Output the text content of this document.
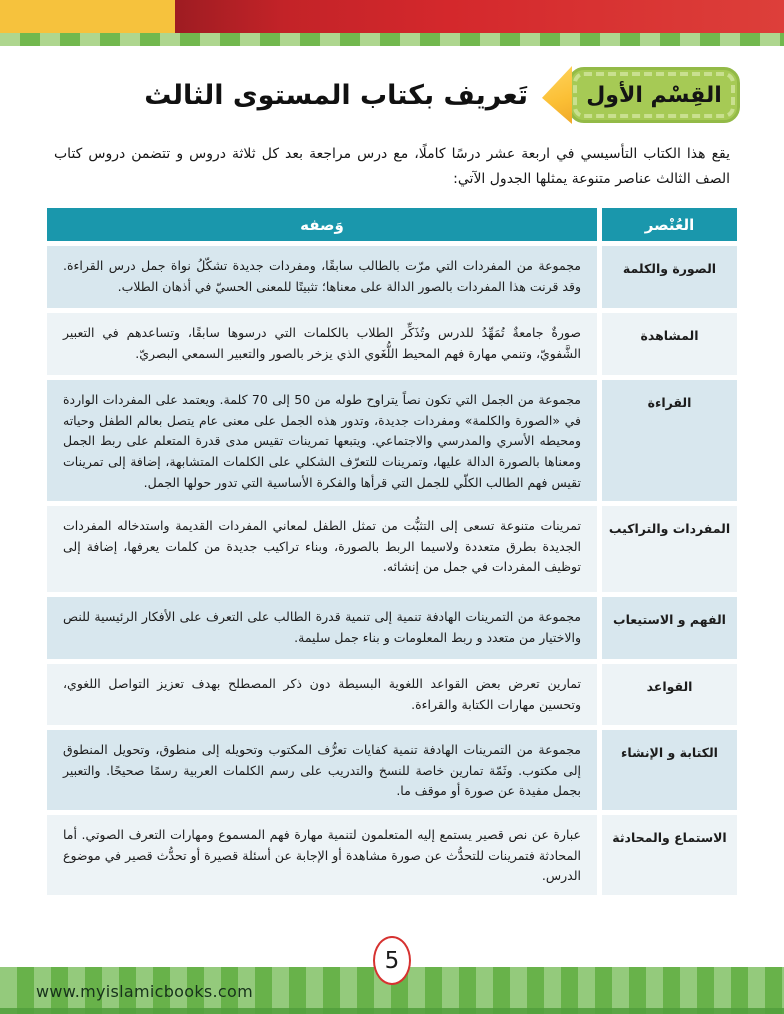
القِسْم الأول
تَعريف بكتاب المستوى الثالث

يقع هذا الكتاب التأسيسي في اربعة عشر درسًا كاملًا، مع درس مراجعة بعد كل ثلاثة دروس و تتضمن دروس كتاب الصف الثالث عناصر متنوعة يمثلها الجدول الآتي:

العُنْصر
وَصفه
الصورة والكلمة
مجموعة من المفردات التي مرّت بالطالب سابقًا، ومفردات جديدة تشكّلُ نواة جمل درس القراءة. وقد قرنت هذا المفردات بالصور الدالة على معناها؛ تثبيتًا للمعنى الحسيّ في أذهان الطلاب.
المشاهدة
صورةٌ جامعةٌ تُمَهِّدُ للدرس وتُذَكِّر الطلاب بالكلمات التي درسوها سابقًا، وتساعدهم في التعبير الشَّفويّ، وتنمي مهارة فهم المحيط اللُّغَوي الذي يزخر بالصور والتعبير السمعي البصريّ.
القراءة
مجموعة من الجمل التي تكون نصاً يتراوح طوله من 50 إلى 70 كلمة. ويعتمد على المفردات الواردة في «الصورة والكلمة» ومفردات جديدة، وتدور هذه الجمل على معنى عام يتصل بعالم الطفل وحياته ومحيطه الأسري والمدرسي والاجتماعي. ويتبعها تمرينات تقيس مدى قدرة المتعلم على ربط الجمل ومعناها بالصورة الدالة عليها، وتمرينات للتعرّف الشكلي على الكلمات المتشابهة، إضافة إلى تمرينات تقيس فهم الطالب الكلّي للجمل التي قرأها والفكرة الأساسية التي تدور حولها الجمل.
المفردات والتراكيب
تمرينات متنوعة تسعى إلى التثبُّت من تمثل الطفل لمعاني المفردات القديمة واستدخاله المفردات الجديدة بطرق متعددة ولاسيما الربط بالصورة، وبناء تراكيب جديدة من كلمات يعرفها، إضافة إلى توظيف المفردات في جمل من إنشائه.
الفهم و الاستيعاب
مجموعة من التمرينات الهادفة تنمية إلى تنمية قدرة الطالب على التعرف على الأفكار الرئيسية للنص والاختيار من متعدد و ربط المعلومات و بناء جمل سليمة.
القواعد
تمارين تعرض بعض القواعد اللغوية البسيطة دون ذكر المصطلح بهدف تعزيز التواصل اللغوي، وتحسين مهارات الكتابة والقراءة.
الكتابة و الإنشاء
مجموعة من التمرينات الهادفة تنمية كفايات تعرُّف المكتوب وتحويله إلى منطوق، وتحويل المنطوق إلى مكتوب. وثَمّة تمارين خاصة للنسخ والتدريب على رسم الكلمات العربية رسمًا صحيحًا. والتعبير بجمل مفيدة عن صورة أو موقف ما.
الاستماع والمحادثة
عبارة عن نص قصير يستمع إليه المتعلمون لتنمية مهارة فهم المسموع ومهارات التعرف الصوتي. أما المحادثة فتمرينات للتحدُّث عن صورة مشاهدة أو الإجابة عن أسئلة قصيرة أو تحدُّث قصير في موضوع الدرس.
5
www.myislamicbooks.com
